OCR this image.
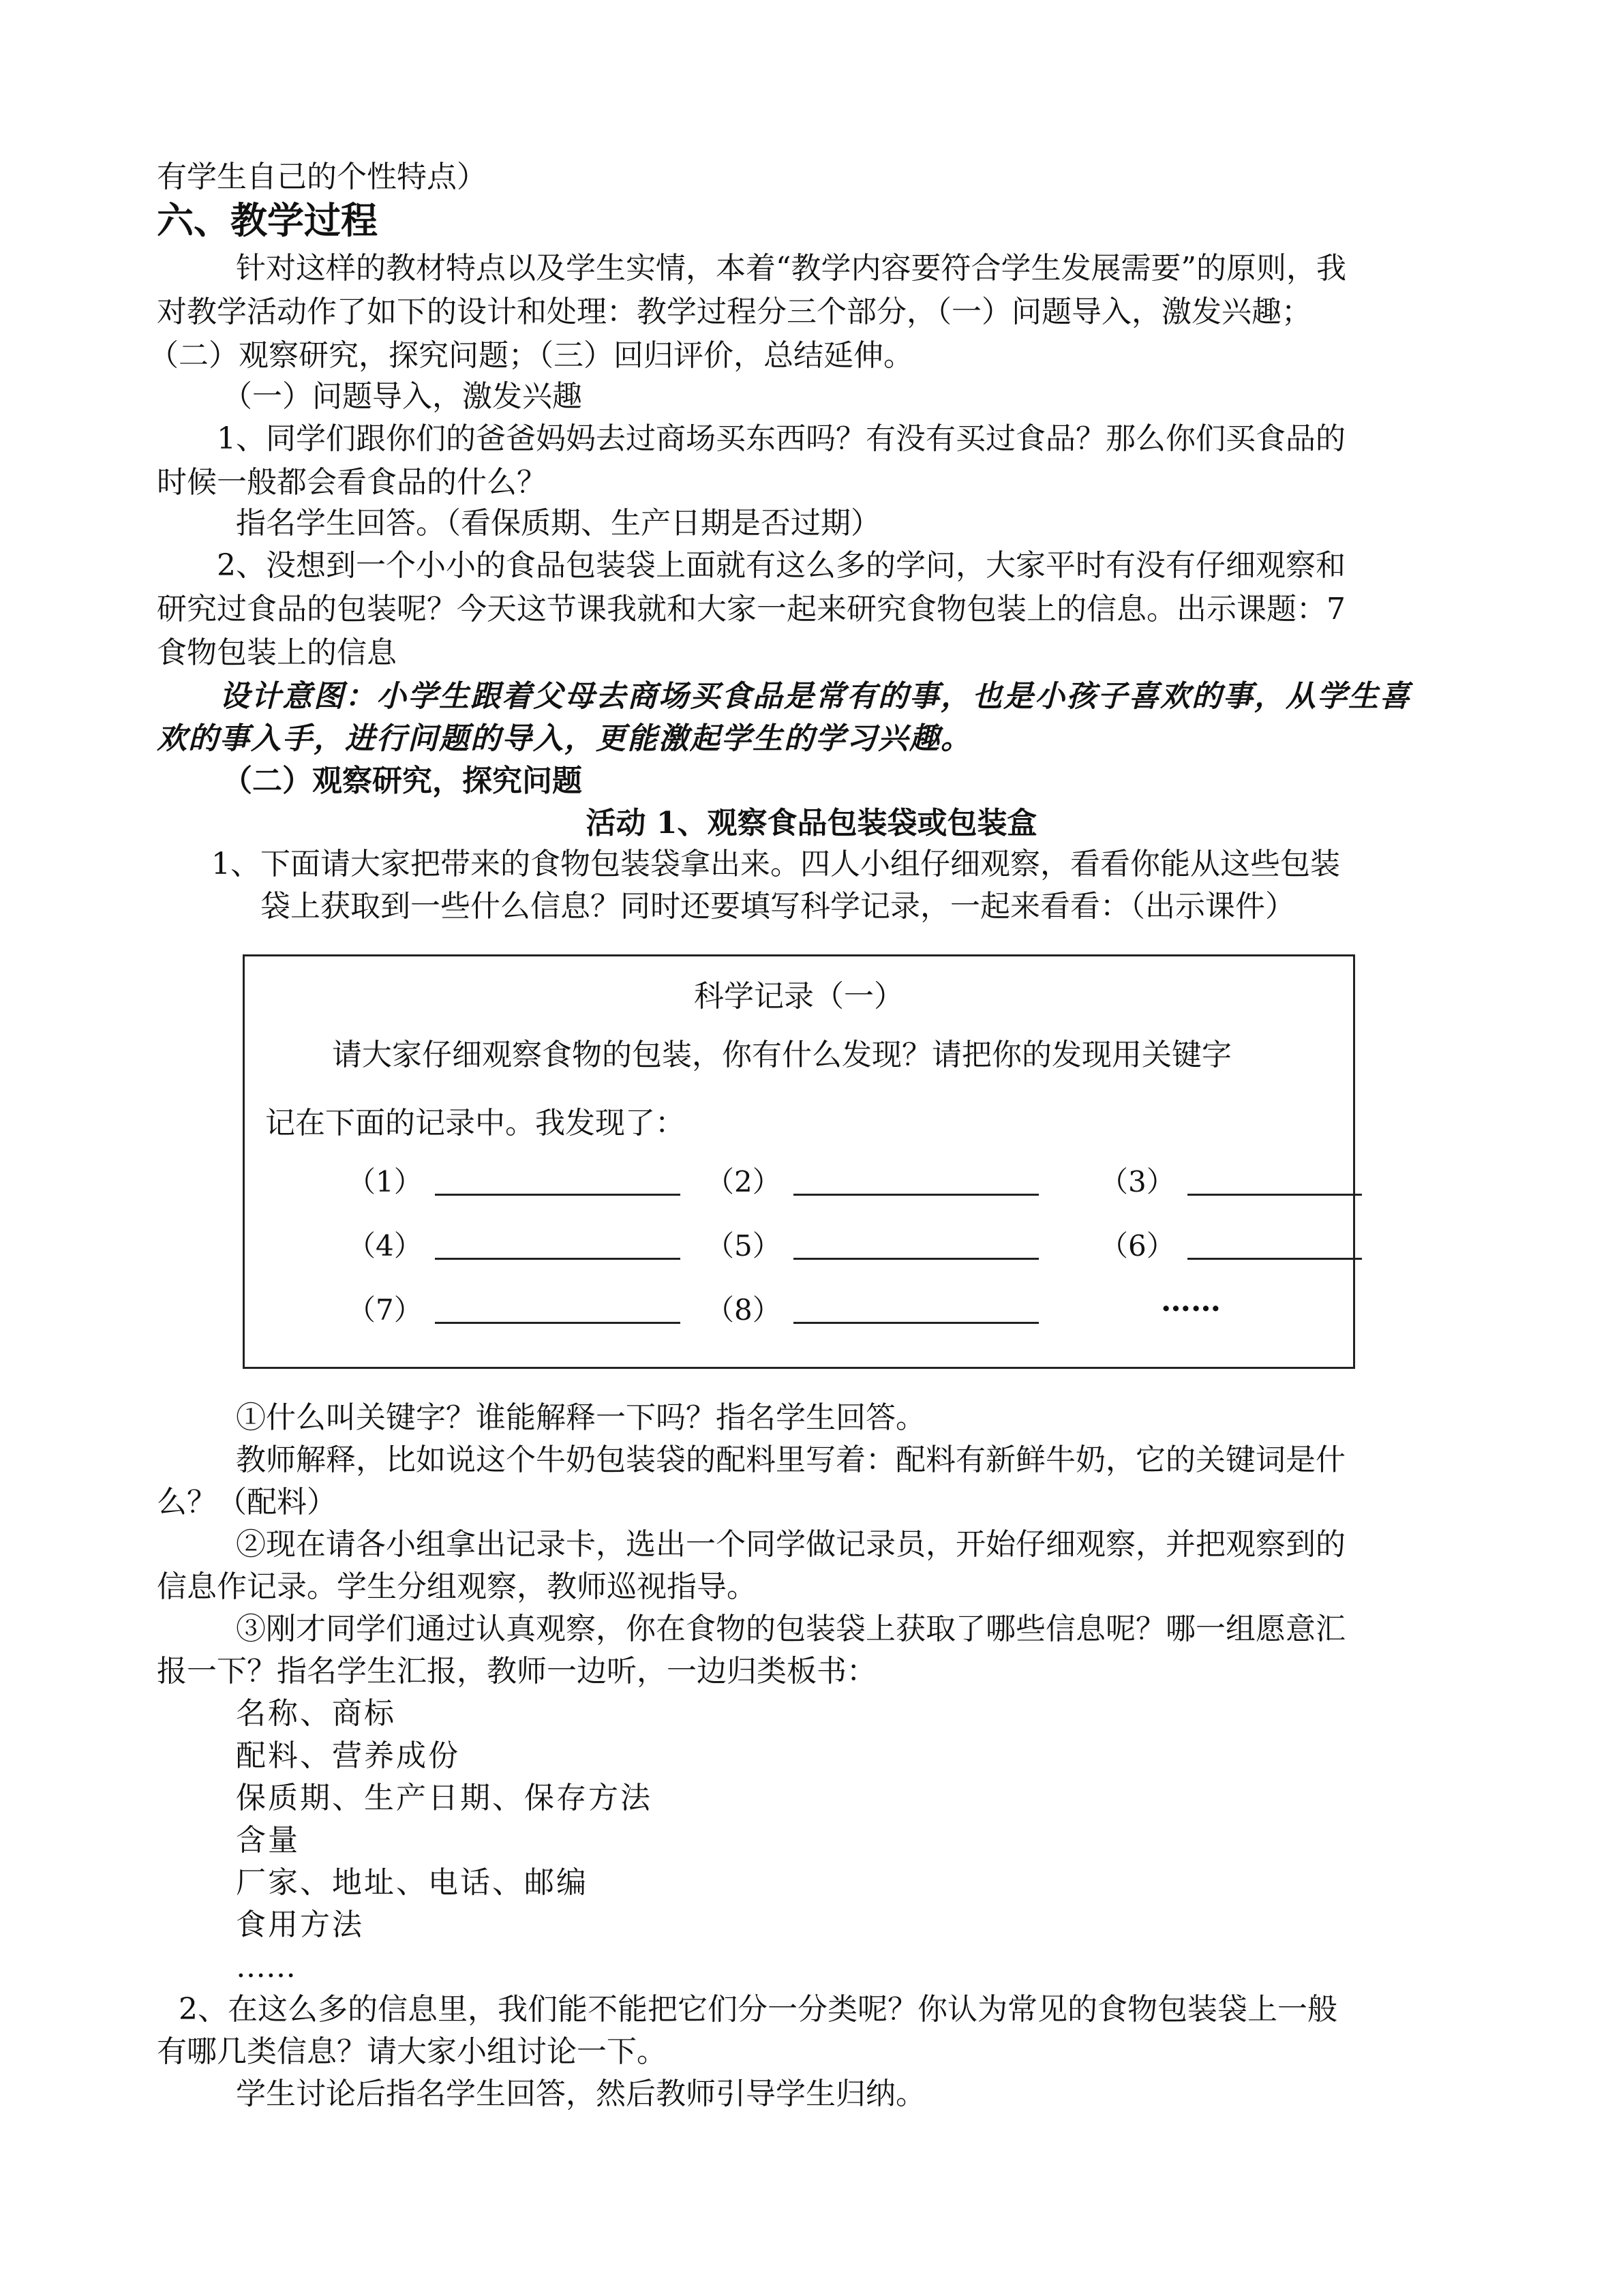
有学生自己的个性特点）
六、教学过程
针对这样的教材特点以及学生实情，本着“教学内容要符合学生发展需要”的原则，我
对教学活动作了如下的设计和处理：教学过程分三个部分，（一）问题导入，激发兴趣；
（二）观察研究，探究问题；（三）回归评价，总结延伸。
（一）问题导入，激发兴趣
1、同学们跟你们的爸爸妈妈去过商场买东西吗？有没有买过食品？那么你们买食品的
时候一般都会看食品的什么？
指名学生回答。（看保质期、生产日期是否过期）
2、没想到一个小小的食品包装袋上面就有这么多的学问，大家平时有没有仔细观察和
研究过食品的包装呢？今天这节课我就和大家一起来研究食物包装上的信息。出示课题：7
食物包装上的信息
设计意图：小学生跟着父母去商场买食品是常有的事，也是小孩子喜欢的事，从学生喜
欢的事入手，进行问题的导入，更能激起学生的学习兴趣。
（二）观察研究，探究问题
活动 1、观察食品包装袋或包装盒
1、下面请大家把带来的食物包装袋拿出来。四人小组仔细观察，看看你能从这些包装
袋上获取到一些什么信息？同时还要填写科学记录，一起来看看：（出示课件）
科学记录（一）
请大家仔细观察食物的包装，你有什么发现？请把你的发现用关键字
记在下面的记录中。我发现了：
（1）	（2）	（3）
（4）	（5）	（6）
（7）	（8）	……
①什么叫关键字？谁能解释一下吗？指名学生回答。
教师解释，比如说这个牛奶包装袋的配料里写着：配料有新鲜牛奶，它的关键词是什
么？（配料）
②现在请各小组拿出记录卡，选出一个同学做记录员，开始仔细观察，并把观察到的
信息作记录。学生分组观察，教师巡视指导。
③刚才同学们通过认真观察，你在食物的包装袋上获取了哪些信息呢？哪一组愿意汇
报一下？指名学生汇报，教师一边听，一边归类板书：
名称、商标
配料、营养成份
保质期、生产日期、保存方法
含量
厂家、地址、电话、邮编
食用方法
……
2、在这么多的信息里，我们能不能把它们分一分类呢？你认为常见的食物包装袋上一般
有哪几类信息？请大家小组讨论一下。
学生讨论后指名学生回答，然后教师引导学生归纳。
